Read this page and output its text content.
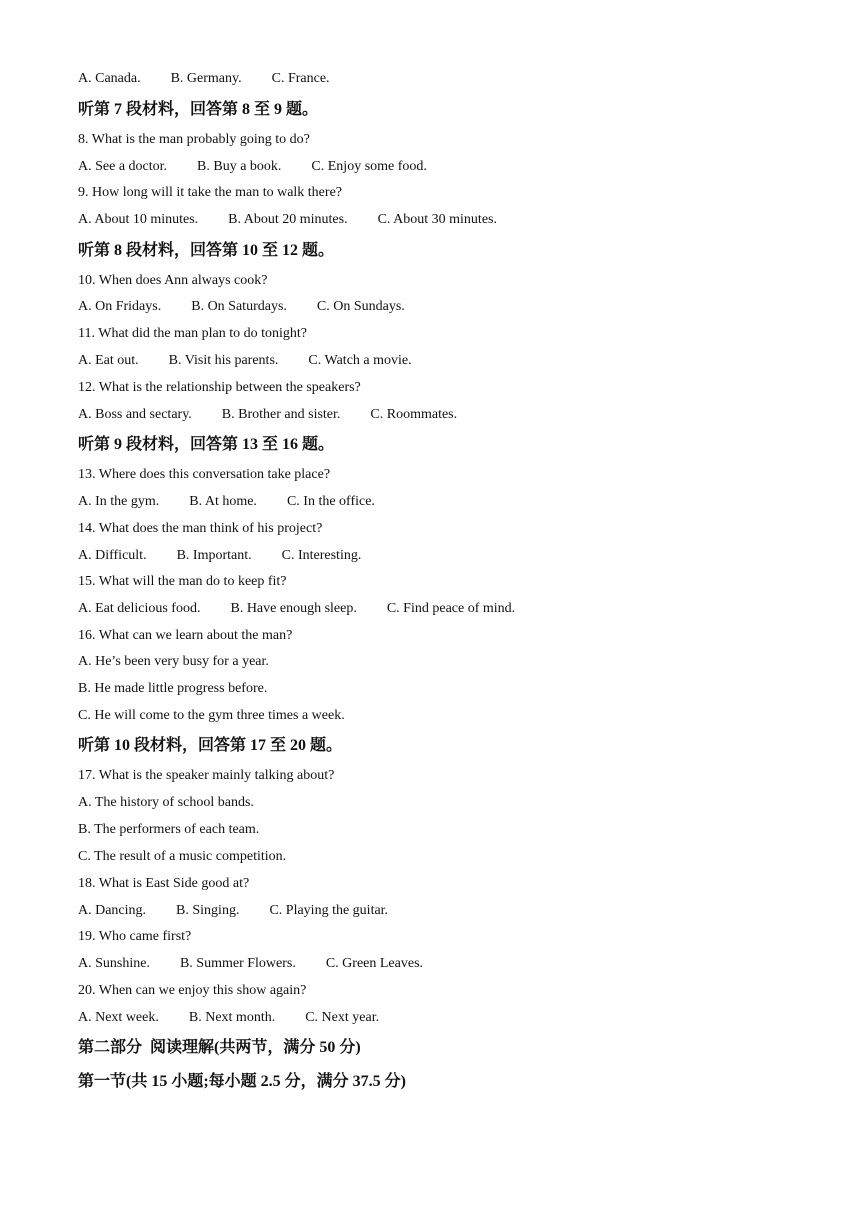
A. Canada. B. Germany. C. France.
听第 7 段材料，回答第 8 至 9 题。
8. What is the man probably going to do?
A. See a doctor. B. Buy a book. C. Enjoy some food.
9. How long will it take the man to walk there?
A. About 10 minutes. B. About 20 minutes. C. About 30 minutes.
听第 8 段材料，回答第 10 至 12 题。
10. When does Ann always cook?
A. On Fridays. B. On Saturdays. C. On Sundays.
11. What did the man plan to do tonight?
A. Eat out. B. Visit his parents. C. Watch a movie.
12. What is the relationship between the speakers?
A. Boss and sectary. B. Brother and sister. C. Roommates.
听第 9 段材料，回答第 13 至 16 题。
13. Where does this conversation take place?
A. In the gym. B. At home. C. In the office.
14. What does the man think of his project?
A. Difficult. B. Important. C. Interesting.
15. What will the man do to keep fit?
A. Eat delicious food. B. Have enough sleep. C. Find peace of mind.
16. What can we learn about the man?
A. He’s been very busy for a year.
B. He made little progress before.
C. He will come to the gym three times a week.
听第 10 段材料，回答第 17 至 20 题。
17. What is the speaker mainly talking about?
A. The history of school bands.
B. The performers of each team.
C. The result of a music competition.
18. What is East Side good at?
A. Dancing. B. Singing. C. Playing the guitar.
19. Who came first?
A. Sunshine. B. Summer Flowers. C. Green Leaves.
20. When can we enjoy this show again?
A. Next week. B. Next month. C. Next year.
第二部分  阅读理解(共两节，满分 50 分)
第一节(共 15 小题;每小题 2.5 分，满分 37.5 分)
